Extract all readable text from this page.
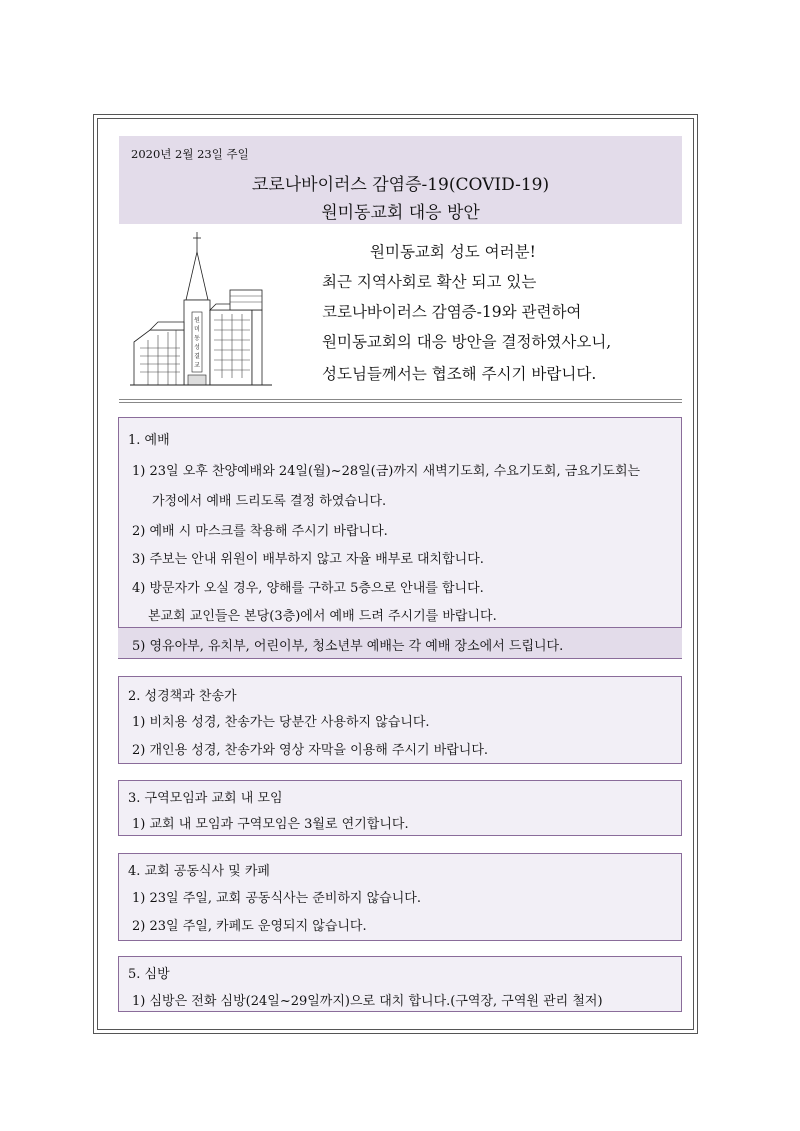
2020년 2월 23일 주일
코로나바이러스 감염증-19(COVID-19)
원미동교회 대응 방안
원
미
동
성
결
교
원미동교회 성도 여러분!
최근 지역사회로 확산 되고 있는
코로나바이러스 감염증-19와 관련하여
원미동교회의 대응 방안을 결정하였사오니,
성도님들께서는 협조해 주시기 바랍니다.
1. 예배
1) 23일 오후 찬양예배와 24일(월)~28일(금)까지 새벽기도회, 수요기도회, 금요기도회는
가정에서 예배 드리도록 결정 하였습니다.
2) 예배 시 마스크를 착용해 주시기 바랍니다.
3) 주보는 안내 위원이 배부하지 않고 자율 배부로 대치합니다.
4) 방문자가 오실 경우, 양해를 구하고 5층으로 안내를 합니다.
본교회 교인들은 본당(3층)에서 예배 드려 주시기를 바랍니다.
5) 영유아부, 유치부, 어린이부, 청소년부 예배는 각 예배 장소에서 드립니다.
2. 성경책과 찬송가
1) 비치용 성경, 찬송가는 당분간 사용하지 않습니다.
2) 개인용 성경, 찬송가와 영상 자막을 이용해 주시기 바랍니다.
3. 구역모임과 교회 내 모임
1) 교회 내 모임과 구역모임은 3월로 연기합니다.
4. 교회 공동식사 및 카페
1) 23일 주일, 교회 공동식사는 준비하지 않습니다.
2) 23일 주일, 카페도 운영되지 않습니다.
5. 심방
1) 심방은 전화 심방(24일~29일까지)으로 대치 합니다.(구역장, 구역원 관리 철저)
